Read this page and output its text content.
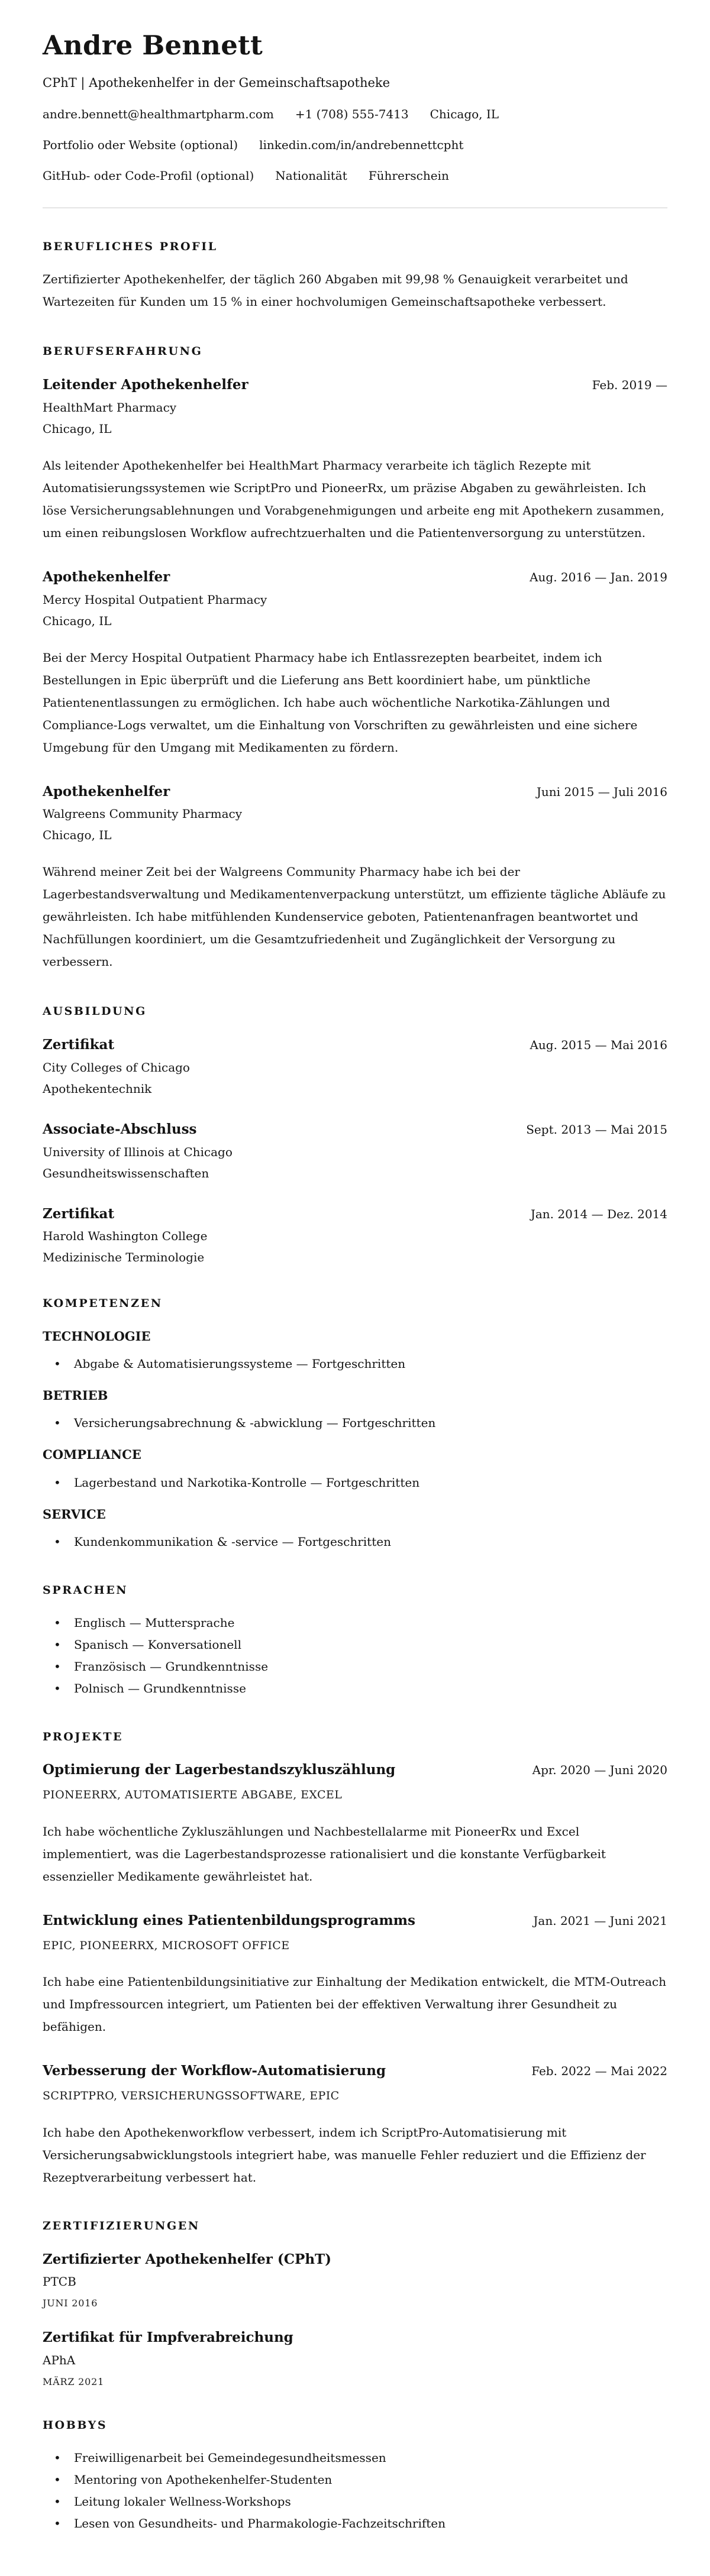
Andre Bennett
CPhT | Apothekenhelfer in der Gemeinschaftsapotheke
andre.bennett@healthmartpharm.com +1 (708) 555-7413 Chicago, IL
Portfolio oder Website (optional) linkedin.com/in/andrebennettcpht
GitHub- oder Code-Profil (optional) Nationalität Führerschein
BERUFLICHES PROFIL

Zertifizierter Apothekenhelfer, der täglich 260 Abgaben mit 99,98 % Genauigkeit verarbeitet und Wartezeiten für Kunden um 15 % in einer hochvolumigen Gemeinschaftsapotheke verbessert.

BERUFSERFAHRUNG
Leitender Apothekenhelfer	Feb. 2019 —
HealthMart Pharmacy
Chicago, IL

Als leitender Apothekenhelfer bei HealthMart Pharmacy verarbeite ich täglich Rezepte mit Automatisierungssystemen wie ScriptPro und PioneerRx, um präzise Abgaben zu gewährleisten. Ich löse Versicherungsablehnungen und Vorabgenehmigungen und arbeite eng mit Apothekern zusammen, um einen reibungslosen Workflow aufrechtzuerhalten und die Patientenversorgung zu unterstützen.

Apothekenhelfer	Aug. 2016 — Jan. 2019
Mercy Hospital Outpatient Pharmacy
Chicago, IL

Bei der Mercy Hospital Outpatient Pharmacy habe ich Entlassrezepten bearbeitet, indem ich Bestellungen in Epic überprüft und die Lieferung ans Bett koordiniert habe, um pünktliche Patientenentlassungen zu ermöglichen. Ich habe auch wöchentliche Narkotika-Zählungen und Compliance-Logs verwaltet, um die Einhaltung von Vorschriften zu gewährleisten und eine sichere Umgebung für den Umgang mit Medikamenten zu fördern.

Apothekenhelfer	Juni 2015 — Juli 2016
Walgreens Community Pharmacy
Chicago, IL

Während meiner Zeit bei der Walgreens Community Pharmacy habe ich bei der Lagerbestandsverwaltung und Medikamentenverpackung unterstützt, um effiziente tägliche Abläufe zu gewährleisten. Ich habe mitfühlenden Kundenservice geboten, Patientenanfragen beantwortet und Nachfüllungen koordiniert, um die Gesamtzufriedenheit und Zugänglichkeit der Versorgung zu verbessern.

AUSBILDUNG
Zertifikat	Aug. 2015 — Mai 2016
City Colleges of Chicago
Apothekentechnik
Associate-Abschluss	Sept. 2013 — Mai 2015
University of Illinois at Chicago
Gesundheitswissenschaften
Zertifikat	Jan. 2014 — Dez. 2014
Harold Washington College
Medizinische Terminologie
KOMPETENZEN
TECHNOLOGIE
• Abgabe & Automatisierungssysteme — Fortgeschritten
BETRIEB
• Versicherungsabrechnung & -abwicklung — Fortgeschritten
COMPLIANCE
• Lagerbestand und Narkotika-Kontrolle — Fortgeschritten
SERVICE
• Kundenkommunikation & -service — Fortgeschritten
SPRACHEN
• Englisch — Muttersprache
• Spanisch — Konversationell
• Französisch — Grundkenntnisse
• Polnisch — Grundkenntnisse
PROJEKTE
Optimierung der Lagerbestandszykluszählung	Apr. 2020 — Juni 2020
PIONEERRX, AUTOMATISIERTE ABGABE, EXCEL

Ich habe wöchentliche Zykluszählungen und Nachbestellalarme mit PioneerRx und Excel implementiert, was die Lagerbestandsprozesse rationalisiert und die konstante Verfügbarkeit essenzieller Medikamente gewährleistet hat.

Entwicklung eines Patientenbildungsprogramms	Jan. 2021 — Juni 2021
EPIC, PIONEERRX, MICROSOFT OFFICE

Ich habe eine Patientenbildungsinitiative zur Einhaltung der Medikation entwickelt, die MTM-Outreach und Impfressourcen integriert, um Patienten bei der effektiven Verwaltung ihrer Gesundheit zu befähigen.

Verbesserung der Workflow-Automatisierung	Feb. 2022 — Mai 2022
SCRIPTPRO, VERSICHERUNGSSOFTWARE, EPIC

Ich habe den Apothekenworkflow verbessert, indem ich ScriptPro-Automatisierung mit Versicherungsabwicklungstools integriert habe, was manuelle Fehler reduziert und die Effizienz der Rezeptverarbeitung verbessert hat.

ZERTIFIZIERUNGEN
Zertifizierter Apothekenhelfer (CPhT)
PTCB
JUNI 2016
Zertifikat für Impfverabreichung
APhA
MÄRZ 2021
HOBBYS
• Freiwilligenarbeit bei Gemeindegesundheitsmessen
• Mentoring von Apothekenhelfer-Studenten
• Leitung lokaler Wellness-Workshops
• Lesen von Gesundheits- und Pharmakologie-Fachzeitschriften
